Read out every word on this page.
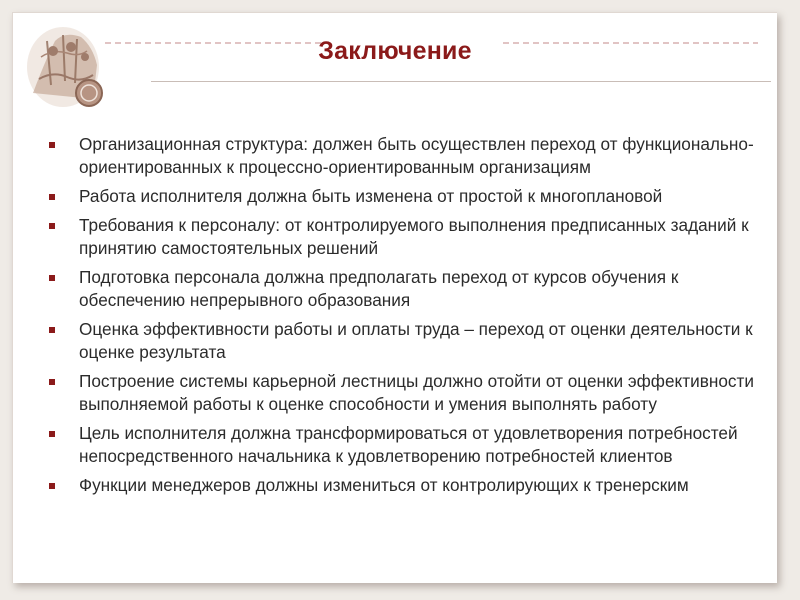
Заключение
Организационная структура: должен быть осуществлен переход от функционально-ориентированных к процессно-ориентированным организациям
Работа исполнителя должна быть изменена от простой к многоплановой
Требования к персоналу: от контролируемого выполнения предписанных заданий к принятию самостоятельных решений
Подготовка персонала должна предполагать переход от курсов обучения к обеспечению непрерывного образования
Оценка эффективности работы и оплаты труда – переход от оценки деятельности к оценке результата
Построение системы карьерной лестницы должно отойти от оценки эффективности выполняемой работы к оценке способности и умения выполнять работу
Цель исполнителя должна трансформироваться от удовлетворения потребностей непосредственного начальника к удовлетворению потребностей клиентов
Функции менеджеров должны измениться от контролирующих к тренерским
